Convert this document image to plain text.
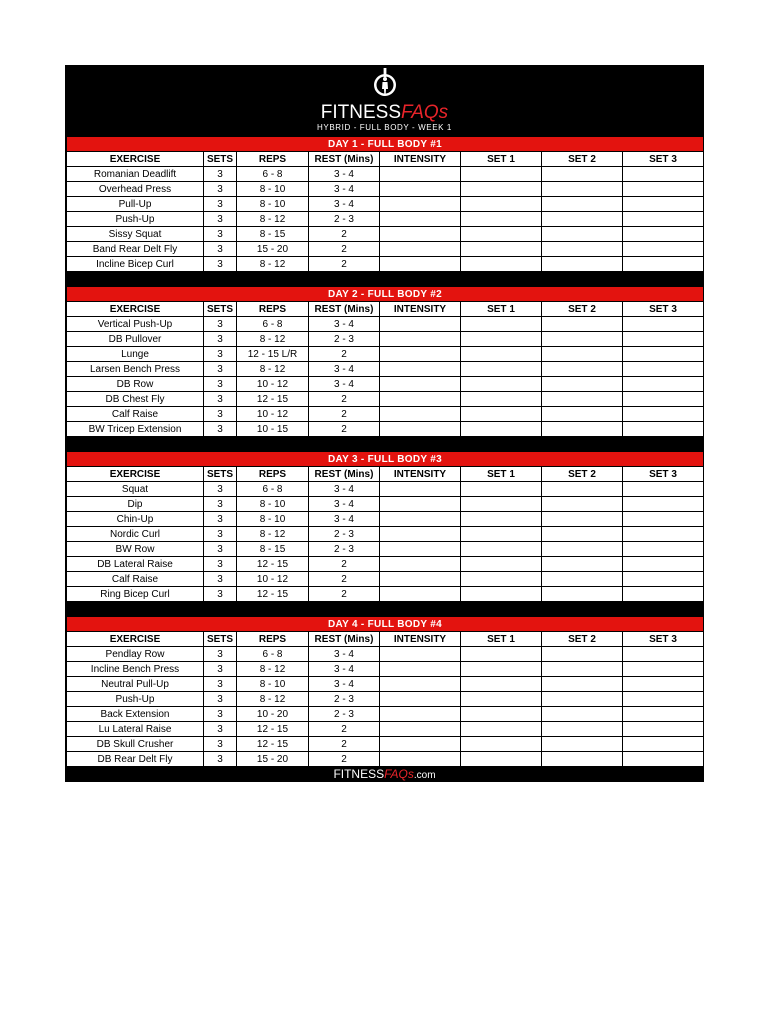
FITNESSFAQs
HYBRID - FULL BODY - WEEK 1
DAY 1 - FULL BODY #1							
EXERCISE	SETS	REPS	REST (Mins)	INTENSITY	SET 1	SET 2	SET 3
Romanian Deadlift	3	6 - 8	3 - 4				
Overhead Press	3	8 - 10	3 - 4				
Pull-Up	3	8 - 10	3 - 4				
Push-Up	3	8 - 12	2 - 3				
Sissy Squat	3	8 - 15	2				
Band Rear Delt Fly	3	15 - 20	2				
Incline Bicep Curl	3	8 - 12	2				
DAY 2 - FULL BODY #2							
EXERCISE	SETS	REPS	REST (Mins)	INTENSITY	SET 1	SET 2	SET 3
Vertical Push-Up	3	6 - 8	3 - 4				
DB Pullover	3	8 - 12	2 - 3				
Lunge	3	12 - 15 L/R	2				
Larsen Bench Press	3	8 - 12	3 - 4				
DB Row	3	10 - 12	3 - 4				
DB Chest Fly	3	12 - 15	2				
Calf Raise	3	10 - 12	2				
BW Tricep Extension	3	10 - 15	2				
DAY 3 - FULL BODY #3							
EXERCISE	SETS	REPS	REST (Mins)	INTENSITY	SET 1	SET 2	SET 3
Squat	3	6 - 8	3 - 4				
Dip	3	8 - 10	3 - 4				
Chin-Up	3	8 - 10	3 - 4				
Nordic Curl	3	8 - 12	2 - 3				
BW Row	3	8 - 15	2 - 3				
DB Lateral Raise	3	12 - 15	2				
Calf Raise	3	10 - 12	2				
Ring Bicep Curl	3	12 - 15	2				
DAY 4 - FULL BODY #4							
EXERCISE	SETS	REPS	REST (Mins)	INTENSITY	SET 1	SET 2	SET 3
Pendlay Row	3	6 - 8	3 - 4				
Incline Bench Press	3	8 - 12	3 - 4				
Neutral Pull-Up	3	8 - 10	3 - 4				
Push-Up	3	8 - 12	2 - 3				
Back Extension	3	10 - 20	2 - 3				
Lu Lateral Raise	3	12 - 15	2				
DB Skull Crusher	3	12 - 15	2				
DB Rear Delt Fly	3	15 - 20	2				
FITNESSFAQs.com
